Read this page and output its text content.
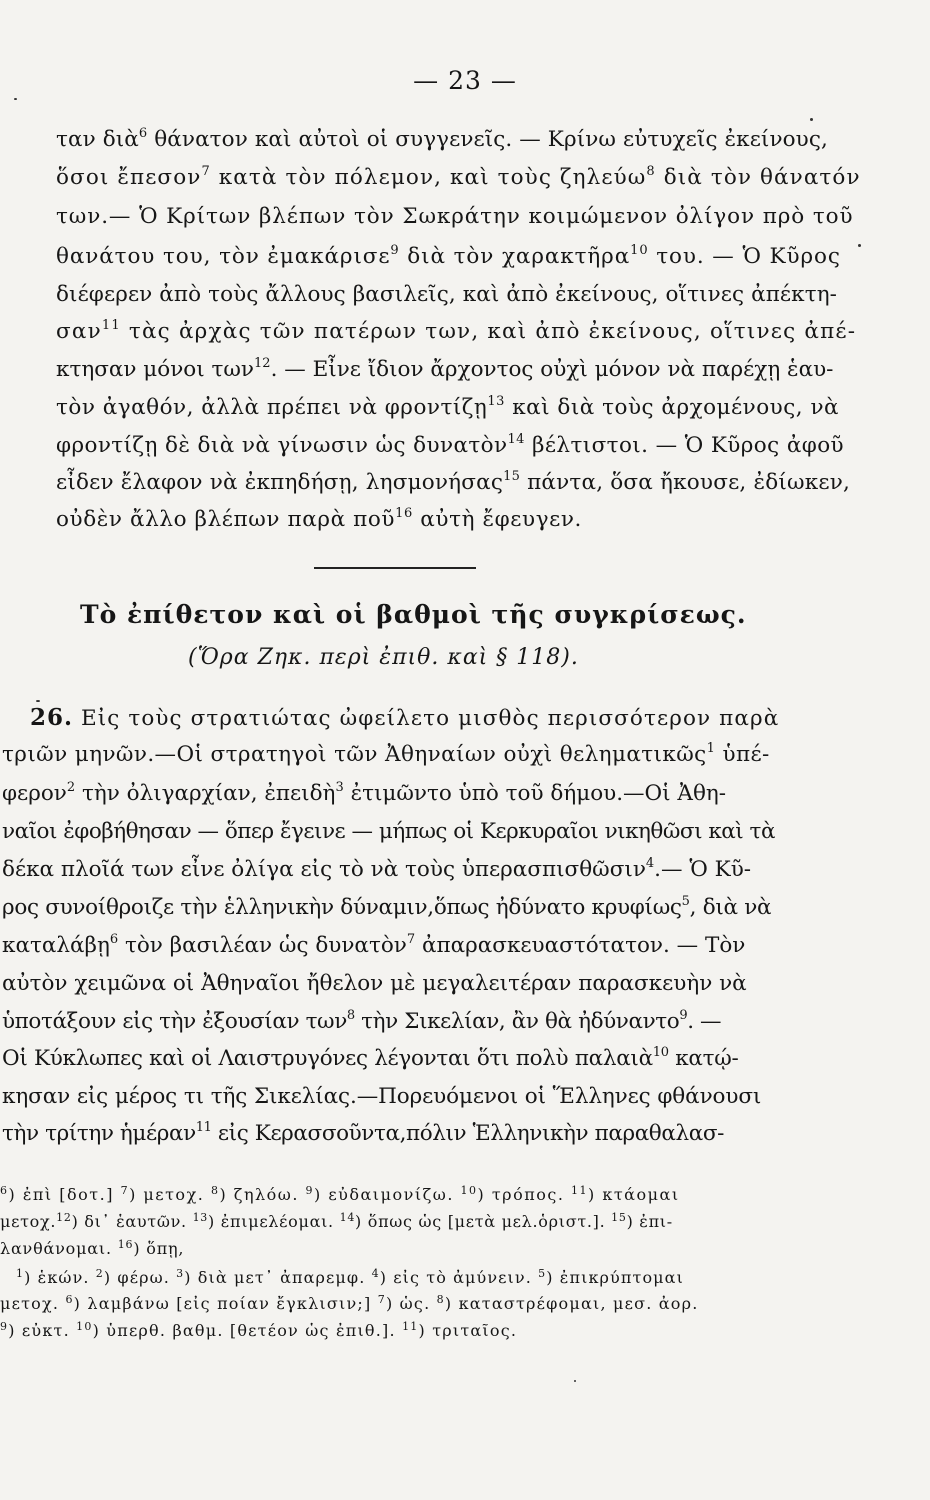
— 23 —
ταν διὰ$^6$ θάνατον καὶ αὐτοὶ οἱ συγγενεῖς. — Κρίνω εὐτυχεῖς ἐκείνους,
ὅσοι ἔπεσον$^7$ κατὰ τὸν πόλεμον, καὶ τοὺς ζηλεύω$^8$ διὰ τὸν θάνατόν
των.— Ὁ Κρίτων βλέπων τὸν Σωκράτην κοιμώμενον ὀλίγον πρὸ τοῦ
θανάτου του, τὸν ἐμακάρισε$^9$ διὰ τὸν χαρακτῆρα$^{10}$ του. — Ὁ Κῦρος
διέφερεν ἀπὸ τοὺς ἄλλους βασιλεῖς, καὶ ἀπὸ ἐκείνους, οἵτινες ἀπέκτη-
σαν$^{11}$ τὰς ἀρχὰς τῶν πατέρων των, καὶ ἀπὸ ἐκείνους, οἵτινες ἀπέ-
κτησαν μόνοι των$^{12}$. — Εἶνε ἴδιον ἄρχοντος οὐχὶ μόνον νὰ παρέχῃ ἑαυ-
τὸν ἀγαθόν, ἀλλὰ πρέπει νὰ φροντίζῃ$^{13}$ καὶ διὰ τοὺς ἀρχομένους, νὰ
φροντίζῃ δὲ διὰ νὰ γίνωσιν ὡς δυνατὸν$^{14}$ βέλτιστοι. — Ὁ Κῦρος ἀφοῦ
εἶδεν ἔλαφον νὰ ἐκπηδήσῃ, λησμονήσας$^{15}$ πάντα, ὅσα ἤκουσε, ἐδίωκεν,
οὐδὲν ἄλλο βλέπων παρὰ ποῦ$^{16}$ αὐτὴ ἔφευγεν.
Τὸ ἐπίθετον καὶ οἱ βαθμοὶ τῆς συγκρίσεως.
(Ὅρα Ζηκ. περὶ ἐπιθ. καὶ § 118).
26. Εἰς τοὺς στρατιώτας ὠφείλετο μισθὸς περισσότερον παρὰ
τριῶν μηνῶν.—Οἱ στρατηγοὶ τῶν Ἀθηναίων οὐχὶ θεληματικῶς$^1$ ὑπέ-
φερον$^2$ τὴν ὀλιγαρχίαν, ἐπειδὴ$^3$ ἐτιμῶντο ὑπὸ τοῦ δήμου.—Οἱ Ἀθη-
ναῖοι ἐφοβήθησαν — ὅπερ ἔγεινε — μήπως οἱ Κερκυραῖοι νικηθῶσι καὶ τὰ
δέκα πλοῖά των εἶνε ὀλίγα εἰς τὸ νὰ τοὺς ὑπερασπισθῶσιν$^4$.— Ὁ Κῦ-
ρος συνοίθροιζε τὴν ἑλληνικὴν δύναμιν,ὅπως ἠδύνατο κρυφίως$^5$, διὰ νὰ
καταλάβῃ$^6$ τὸν βασιλέαν ὡς δυνατὸν$^7$ ἀπαρασκευαστότατον. — Τὸν
αὐτὸν χειμῶνα οἱ Ἀθηναῖοι ἤθελον μὲ μεγαλειτέραν παρασκευὴν νὰ
ὑποτάξουν εἰς τὴν ἐξουσίαν των$^8$ τὴν Σικελίαν, ἂν θὰ ἠδύναντο$^9$. —
Οἱ Κύκλωπες καὶ οἱ Λαιστρυγόνες λέγονται ὅτι πολὺ παλαιὰ$^{10}$ κατῴ-
κησαν εἰς μέρος τι τῆς Σικελίας.—Πορευόμενοι οἱ Ἕλληνες φθάνουσι
τὴν τρίτην ἡμέραν$^{11}$ εἰς Κερασσοῦντα,πόλιν Ἑλληνικὴν παραθαλασ-
$^6$) ἐπὶ [δοτ.] $^7$) μετοχ. $^8$) ζηλόω. $^9$) εὐδαιμονίζω. $^{10}$) τρόπος. $^{11}$) κτάομαι
μετοχ.$^{12}$) δι᾽ ἑαυτῶν. $^{13}$) ἐπιμελέομαι. $^{14}$) ὅπως ὡς [μετὰ μελ.ὁριστ.]. $^{15}$) ἐπι-
λανθάνομαι. $^{16}$) ὅπῃ,
$^1$) ἑκών. $^2$) φέρω. $^3$) διὰ μετ᾽ ἀπαρεμφ. $^4$) εἰς τὸ ἀμύνειν. $^5$) ἐπικρύπτομαι
μετοχ. $^6$) λαμβάνω [εἰς ποίαν ἔγκλισιν;] $^7$) ὡς. $^8$) καταστρέφομαι, μεσ. ἀορ.
$^9$) εὐκτ. $^{10}$) ὑπερθ. βαθμ. [θετέον ὡς ἐπιθ.]. $^{11}$) τριταῖος.
